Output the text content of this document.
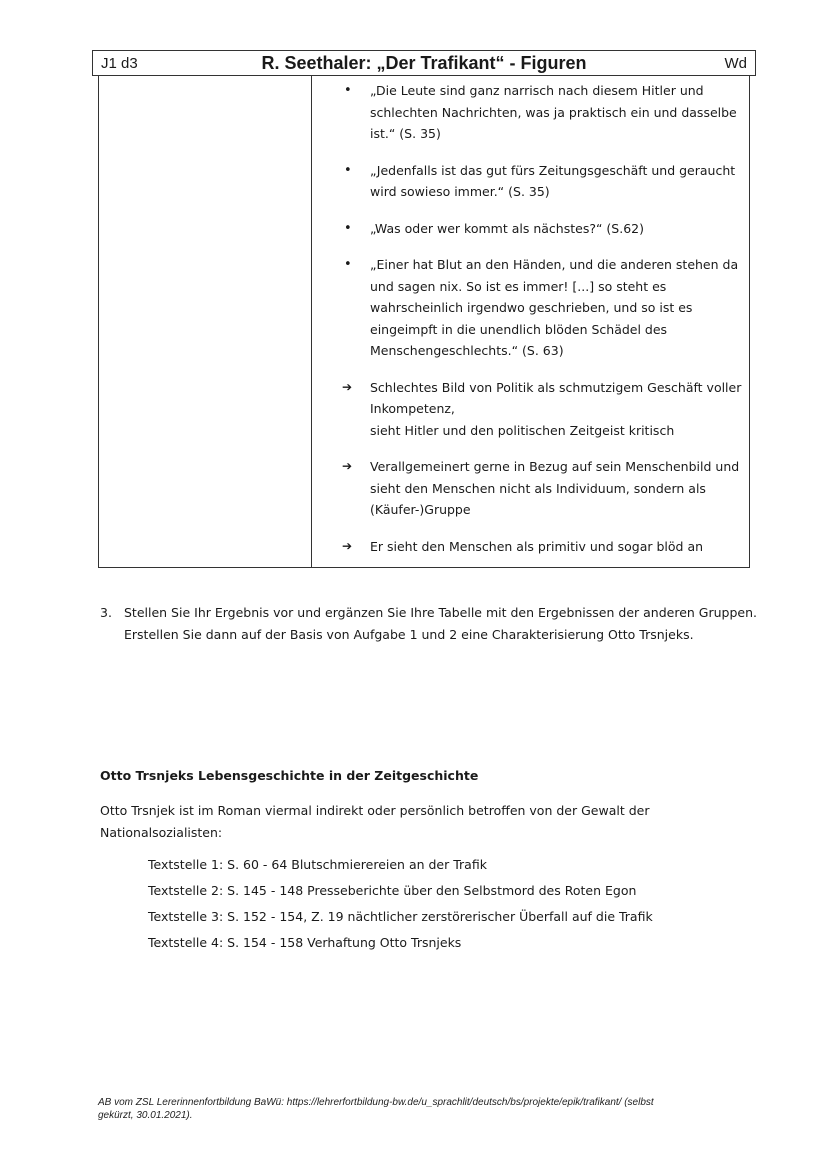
J1 d3	R. Seethaler: „Der Trafikant“ - Figuren	Wd
•	„Die Leute sind ganz narrisch nach diesem Hitler und

schlechten Nachrichten, was ja praktisch ein und dasselbe

ist.“ (S. 35)

•	„Jedenfalls ist das gut fürs Zeitungsgeschäft und geraucht

wird sowieso immer.“ (S. 35)

•	„Was oder wer kommt als nächstes?“ (S.62)

•	„Einer hat Blut an den Händen, und die anderen stehen da

und sagen nix. So ist es immer! [...] so steht es

wahrscheinlich irgendwo geschrieben, und so ist es

eingeimpft in die unendlich blöden Schädel des

Menschengeschlechts.“ (S. 63)

➔	Schlechtes Bild von Politik als schmutzigem Geschäft voller

Inkompetenz,

sieht Hitler und den politischen Zeitgeist kritisch

➔	Verallgemeinert gerne in Bezug auf sein Menschenbild und

sieht den Menschen nicht als Individuum, sondern als

(Käufer-)Gruppe

➔	Er sieht den Menschen als primitiv und sogar blöd an

3. Stellen Sie Ihr Ergebnis vor und ergänzen Sie Ihre Tabelle mit den Ergebnissen der anderen Gruppen.
Erstellen Sie dann auf der Basis von Aufgabe 1 und 2 eine Charakterisierung Otto Trsnjeks.
Otto Trsnjeks Lebensgeschichte in der Zeitgeschichte
Otto Trsnjek ist im Roman viermal indirekt oder persönlich betroffen von der Gewalt der
Nationalsozialisten:
Textstelle 1: S. 60 - 64 Blutschmierereien an der Trafik
Textstelle 2: S. 145 - 148 Presseberichte über den Selbstmord des Roten Egon
Textstelle 3: S. 152 - 154, Z. 19 nächtlicher zerstörerischer Überfall auf die Trafik
Textstelle 4: S. 154 - 158 Verhaftung Otto Trsnjeks
AB vom ZSL Lererinnenfortbildung BaWü: https://lehrerfortbildung-bw.de/u_sprachlit/deutsch/bs/projekte/epik/trafikant/ (selbst
gekürzt, 30.01.2021).
